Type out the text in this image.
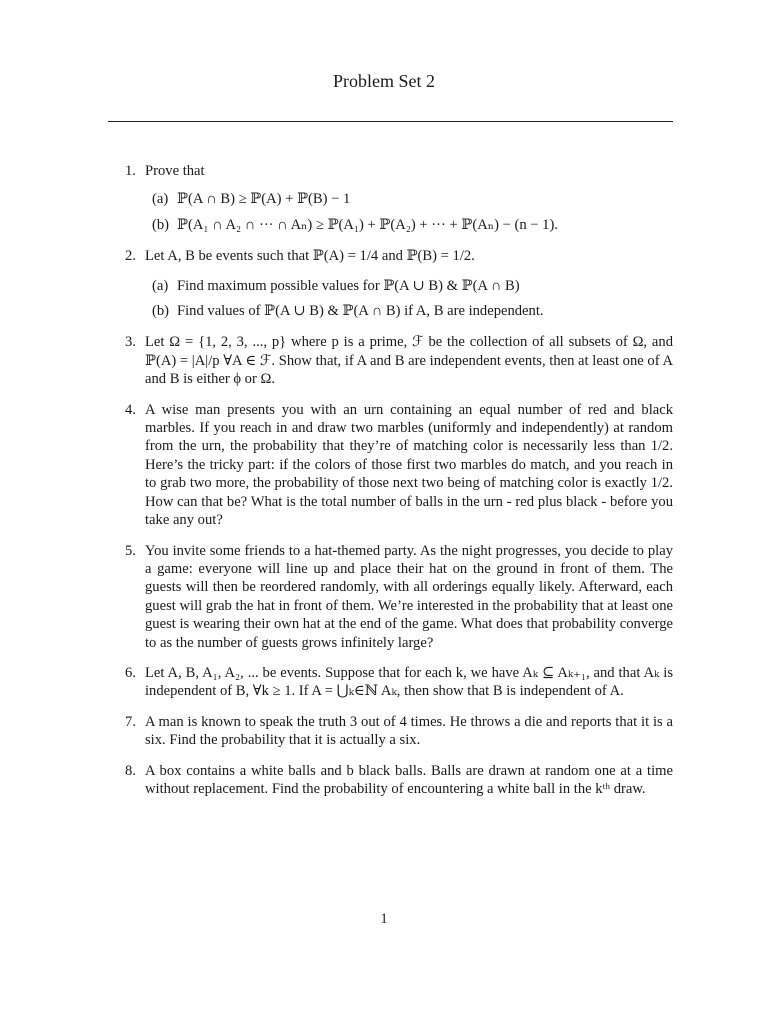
Problem Set 2
1. Prove that
(a) ℙ(A ∩ B) ≥ ℙ(A) + ℙ(B) − 1
(b) ℙ(A₁ ∩ A₂ ∩ ··· ∩ Aₙ) ≥ ℙ(A₁) + ℙ(A₂) + ··· + ℙ(Aₙ) − (n − 1).
2. Let A, B be events such that ℙ(A) = 1/4 and ℙ(B) = 1/2.
(a) Find maximum possible values for ℙ(A ∪ B) & ℙ(A ∩ B)
(b) Find values of ℙ(A ∪ B) & ℙ(A ∩ B) if A, B are independent.
3. Let Ω = {1, 2, 3, ..., p} where p is a prime, ℱ be the collection of all subsets of Ω, and ℙ(A) = |A|/p ∀A ∈ ℱ. Show that, if A and B are independent events, then at least one of A and B is either ϕ or Ω.
4. A wise man presents you with an urn containing an equal number of red and black marbles. If you reach in and draw two marbles (uniformly and independently) at random from the urn, the probability that they’re of matching color is necessarily less than 1/2. Here’s the tricky part: if the colors of those first two marbles do match, and you reach in to grab two more, the probability of those next two being of matching color is exactly 1/2. How can that be? What is the total number of balls in the urn - red plus black - before you take any out?
5. You invite some friends to a hat-themed party. As the night progresses, you decide to play a game: everyone will line up and place their hat on the ground in front of them. The guests will then be reordered randomly, with all orderings equally likely. Afterward, each guest will grab the hat in front of them. We’re interested in the probability that at least one guest is wearing their own hat at the end of the game. What does that probability converge to as the number of guests grows infinitely large?
6. Let A, B, A₁, A₂, ... be events. Suppose that for each k, we have Aₖ ⊆ Aₖ₊₁, and that Aₖ is independent of B, ∀k ≥ 1. If A = ⋃ₖ∈ℕ Aₖ, then show that B is independent of A.
7. A man is known to speak the truth 3 out of 4 times. He throws a die and reports that it is a six. Find the probability that it is actually a six.
8. A box contains a white balls and b black balls. Balls are drawn at random one at a time without replacement. Find the probability of encountering a white ball in the kᵗʰ draw.
1
